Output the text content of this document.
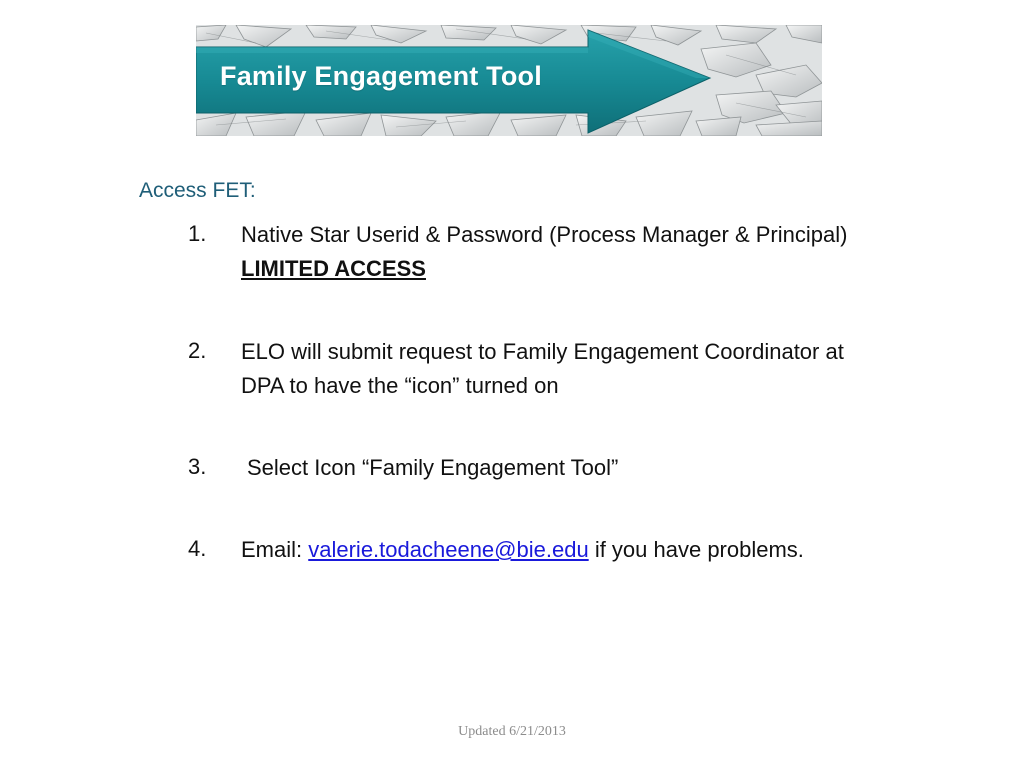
Family Engagement Tool
Access FET:
1. Native Star Userid & Password (Process Manager & Principal) LIMITED ACCESS
2. ELO will submit request to Family Engagement Coordinator at DPA to have the “icon” turned on
3. Select Icon “Family Engagement Tool”
4. Email: valerie.todacheene@bie.edu if you have problems.
Updated 6/21/2013
